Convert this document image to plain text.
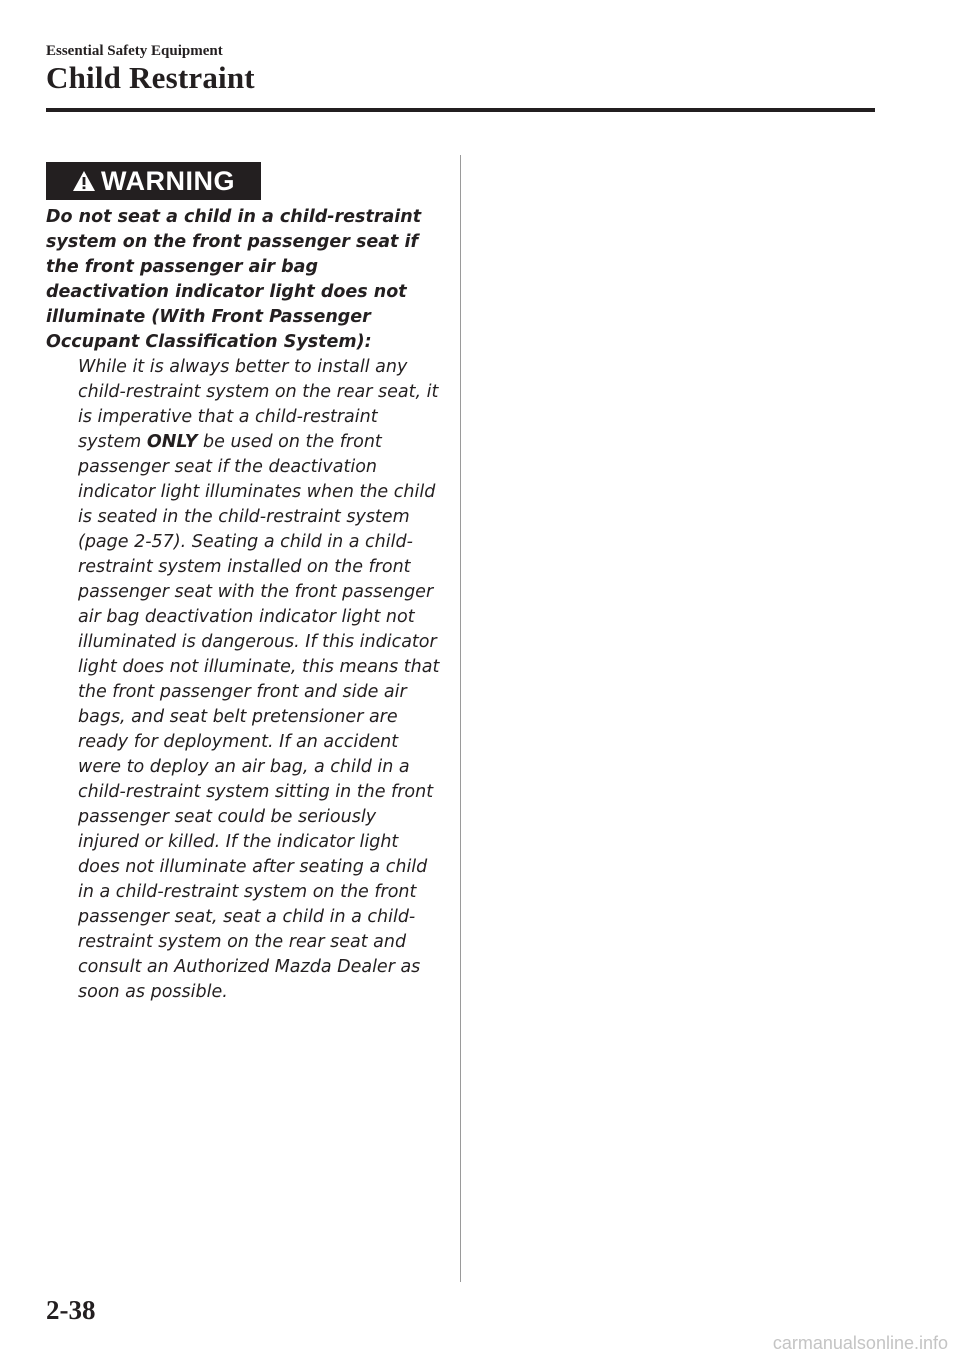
Essential Safety Equipment
Child Restraint
WARNING

Do not seat a child in a child-restraint system on the front passenger seat if the front passenger air bag deactivation indicator light does not illuminate (With Front Passenger Occupant Classification System):

While it is always better to install any child-restraint system on the rear seat, it is imperative that a child-restraint system ONLY be used on the front passenger seat if the deactivation indicator light illuminates when the child is seated in the child-restraint system (page 2-57). Seating a child in a child-restraint system installed on the front passenger seat with the front passenger air bag deactivation indicator light not illuminated is dangerous. If this indicator light does not illuminate, this means that the front passenger front and side air bags, and seat belt pretensioner are ready for deployment. If an accident were to deploy an air bag, a child in a child-restraint system sitting in the front passenger seat could be seriously injured or killed. If the indicator light does not illuminate after seating a child in a child-restraint system on the front passenger seat, seat a child in a child-restraint system on the rear seat and consult an Authorized Mazda Dealer as soon as possible.

2-38
carmanualsonline.info
